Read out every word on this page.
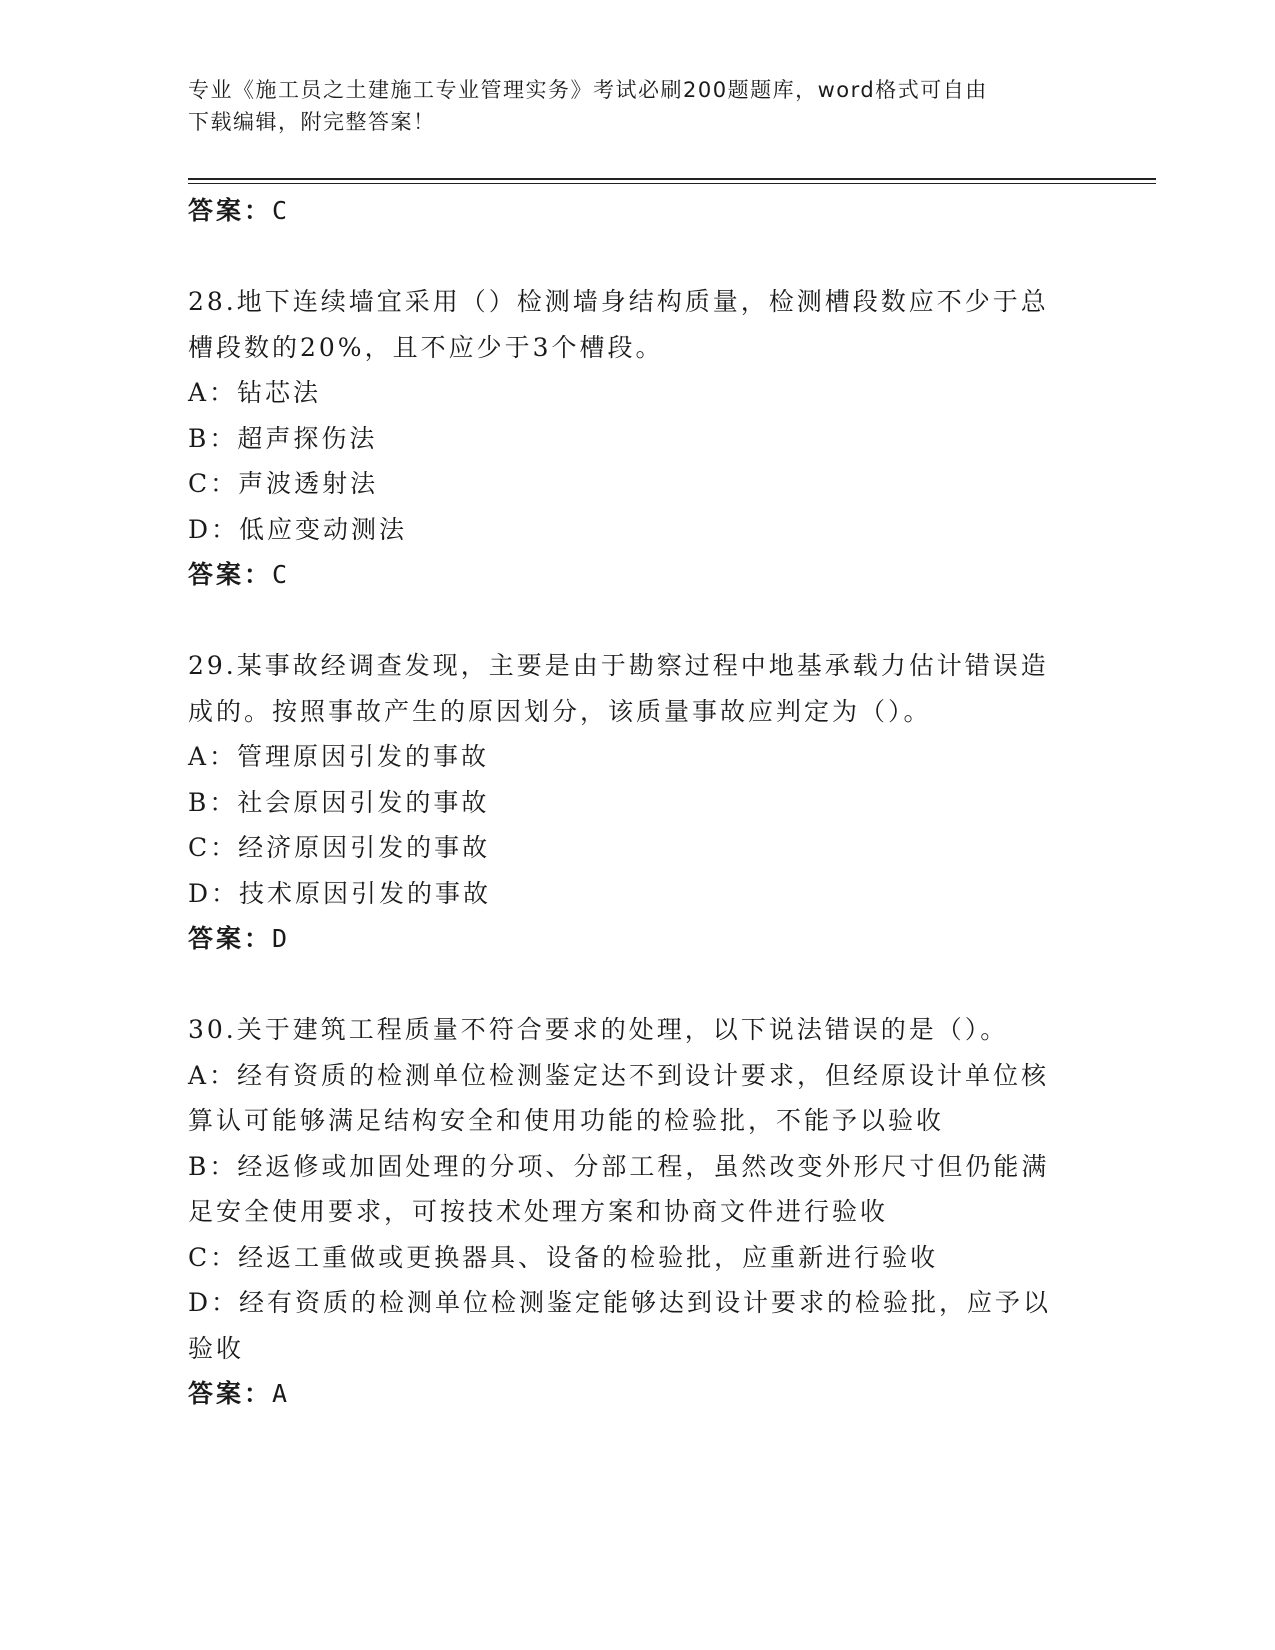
专业《施工员之土建施工专业管理实务》考试必刷200题题库，word格式可自由
下载编辑，附完整答案！
答案：C
28.地下连续墙宜采用（）检测墙身结构质量，检测槽段数应不少于总
槽段数的20%，且不应少于3个槽段。
A：钻芯法
B：超声探伤法
C：声波透射法
D：低应变动测法
答案：C
29.某事故经调查发现，主要是由于勘察过程中地基承载力估计错误造
成的。按照事故产生的原因划分，该质量事故应判定为（）。
A：管理原因引发的事故
B：社会原因引发的事故
C：经济原因引发的事故
D：技术原因引发的事故
答案：D
30.关于建筑工程质量不符合要求的处理，以下说法错误的是（）。
A：经有资质的检测单位检测鉴定达不到设计要求，但经原设计单位核
算认可能够满足结构安全和使用功能的检验批，不能予以验收
B：经返修或加固处理的分项、分部工程，虽然改变外形尺寸但仍能满
足安全使用要求，可按技术处理方案和协商文件进行验收
C：经返工重做或更换器具、设备的检验批，应重新进行验收
D：经有资质的检测单位检测鉴定能够达到设计要求的检验批，应予以
验收
答案：A
